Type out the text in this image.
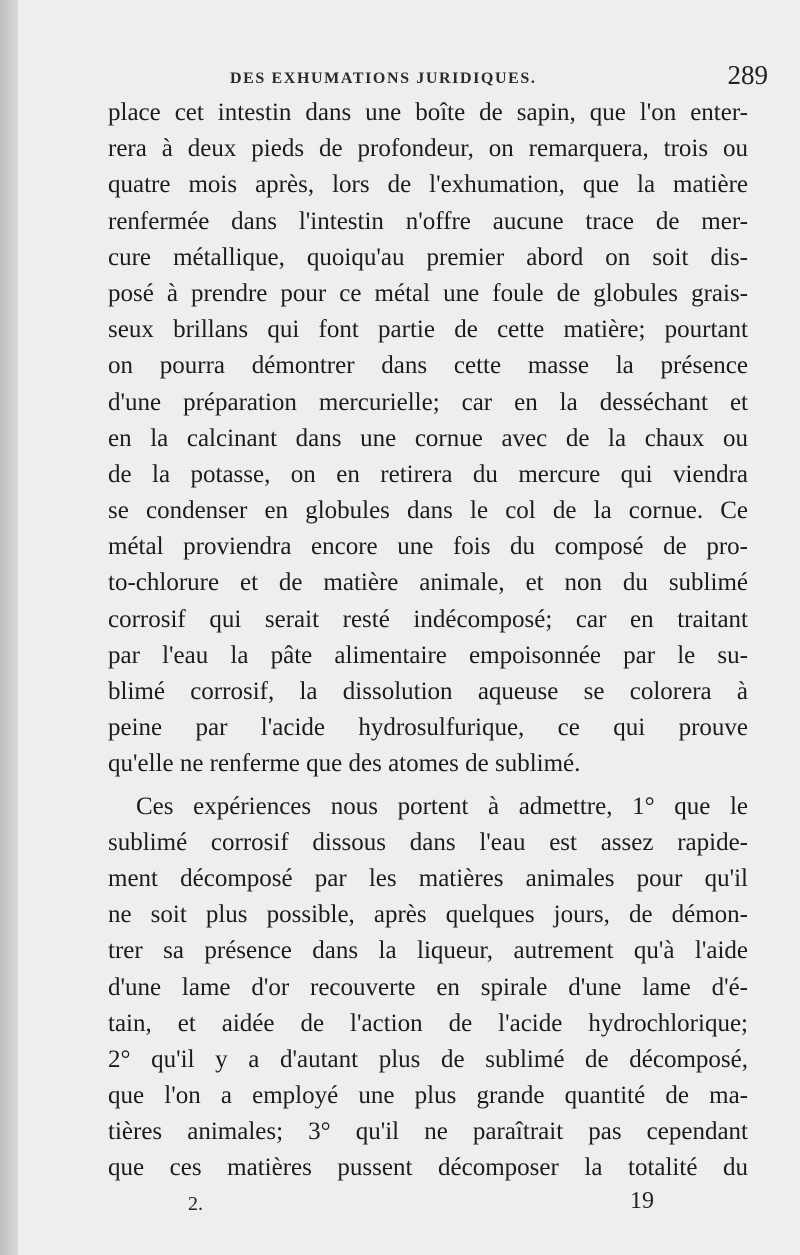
DES EXHUMATIONS JURIDIQUES.	289
place cet intestin dans une boîte de sapin, que l'on enter-
rera à deux pieds de profondeur, on remarquera, trois ou
quatre mois après, lors de l'exhumation, que la matière
renfermée dans l'intestin n'offre aucune trace de mer-
cure métallique, quoiqu'au premier abord on soit dis-
posé à prendre pour ce métal une foule de globules grais-
seux brillans qui font partie de cette matière; pourtant
on pourra démontrer dans cette masse la présence
d'une préparation mercurielle; car en la desséchant et
en la calcinant dans une cornue avec de la chaux ou
de la potasse, on en retirera du mercure qui viendra
se condenser en globules dans le col de la cornue. Ce
métal proviendra encore une fois du composé de pro-
to-chlorure et de matière animale, et non du sublimé
corrosif qui serait resté indécomposé; car en traitant
par l'eau la pâte alimentaire empoisonnée par le su-
blimé corrosif, la dissolution aqueuse se colorera à
peine par l'acide hydrosulfurique, ce qui prouve
qu'elle ne renferme que des atomes de sublimé.
Ces expériences nous portent à admettre, 1° que le
sublimé corrosif dissous dans l'eau est assez rapide-
ment décomposé par les matières animales pour qu'il
ne soit plus possible, après quelques jours, de démon-
trer sa présence dans la liqueur, autrement qu'à l'aide
d'une lame d'or recouverte en spirale d'une lame d'é-
tain, et aidée de l'action de l'acide hydrochlorique;
2° qu'il y a d'autant plus de sublimé de décomposé,
que l'on a employé une plus grande quantité de ma-
tières animales; 3° qu'il ne paraîtrait pas cependant
que ces matières pussent décomposer la totalité du
2.	19
